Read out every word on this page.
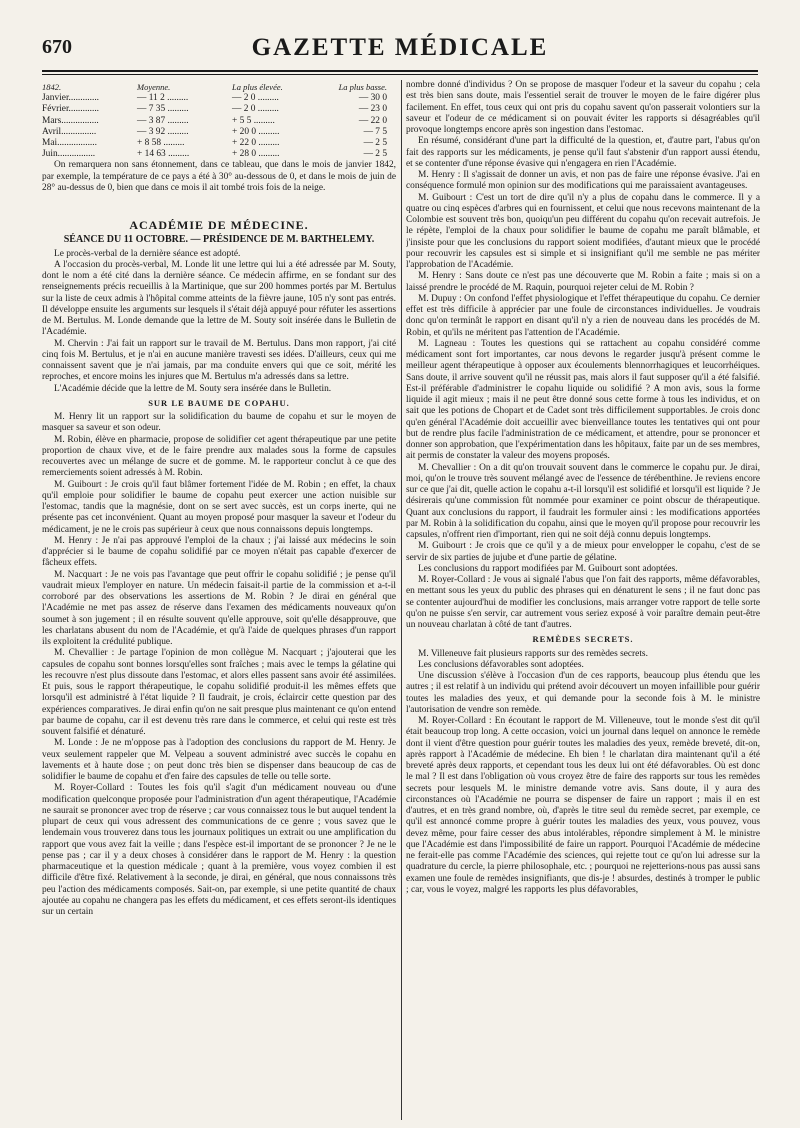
670	GAZETTE MÉDICALE
1842.	Moyenne.	La plus élevée.	La plus basse.
Janvier.............	— 11 2 .........	— 2 0 .........	— 30 0
Février.............	— 7 35 .........	— 2 0 .........	— 23 0
Mars................	— 3 87 .........	+ 5 5 .........	— 22 0
Avril...............	— 3 92 .........	+ 20 0 .........	— 7 5
Mai.................	+ 8 58 .........	+ 22 0 .........	— 2 5
Juin................	+ 14 63 .........	+ 28 0 .........	— 2 5

On remarquera non sans étonnement, dans ce tableau, que dans le mois de janvier 1842, par exemple, la température de ce pays a été à 30° au-dessous de 0, et dans le mois de juin de 28° au-dessus de 0, bien que dans ce mois il ait tombé trois fois de la neige.

ACADÉMIE DE MÉDECINE.
SÉANCE DU 11 OCTOBRE. — PRÉSIDENCE DE M. BARTHELEMY.

Le procès-verbal de la dernière séance est adopté.

A l'occasion du procès-verbal, M. Londe lit une lettre qui lui a été adressée par M. Souty, dont le nom a été cité dans la dernière séance. Ce médecin affirme, en se fondant sur des renseignements précis recueillis à la Martinique, que sur 200 hommes portés par M. Bertulus sur la liste de ceux admis à l'hôpital comme atteints de la fièvre jaune, 105 n'y sont pas entrés. Il développe ensuite les arguments sur lesquels il s'était déjà appuyé pour réfuter les assertions de M. Bertulus. M. Londe demande que la lettre de M. Souty soit insérée dans le Bulletin de l'Académie.

M. Chervin : J'ai fait un rapport sur le travail de M. Bertulus. Dans mon rapport, j'ai cité cinq fois M. Bertulus, et je n'ai en aucune manière travesti ses idées. D'ailleurs, ceux qui me connaissent savent que je n'ai jamais, par ma conduite envers qui que ce soit, mérité les reproches, et encore moins les injures que M. Bertulus m'a adressés dans sa lettre.

L'Académie décide que la lettre de M. Souty sera insérée dans le Bulletin.

SUR LE BAUME DE COPAHU.

M. Henry lit un rapport sur la solidification du baume de copahu et sur le moyen de masquer sa saveur et son odeur.

M. Robin, élève en pharmacie, propose de solidifier cet agent thérapeutique par une petite proportion de chaux vive, et de le faire prendre aux malades sous la forme de capsules recouvertes avec un mélange de sucre et de gomme. M. le rapporteur conclut à ce que des remerciements soient adressés à M. Robin.

M. Guibourt : Je crois qu'il faut blâmer fortement l'idée de M. Robin ; en effet, la chaux qu'il emploie pour solidifier le baume de copahu peut exercer une action nuisible sur l'estomac, tandis que la magnésie, dont on se sert avec succès, est un corps inerte, qui ne présente pas cet inconvénient. Quant au moyen proposé pour masquer la saveur et l'odeur du médicament, je ne le crois pas supérieur à ceux que nous connaissons depuis longtemps.

M. Henry : Je n'ai pas approuvé l'emploi de la chaux ; j'ai laissé aux médecins le soin d'apprécier si le baume de copahu solidifié par ce moyen n'était pas capable d'exercer de fâcheux effets.

M. Nacquart : Je ne vois pas l'avantage que peut offrir le copahu solidifié ; je pense qu'il vaudrait mieux l'employer en nature. Un médecin faisait-il partie de la commission et a-t-il corroboré par des observations les assertions de M. Robin ? Je dirai en général que l'Académie ne met pas assez de réserve dans l'examen des médicaments nouveaux qu'on soumet à son jugement ; il en résulte souvent qu'elle approuve, soit qu'elle désapprouve, que les charlatans abusent du nom de l'Académie, et qu'à l'aide de quelques phrases d'un rapport ils exploitent la crédulité publique.

M. Chevallier : Je partage l'opinion de mon collègue M. Nacquart ; j'ajouterai que les capsules de copahu sont bonnes lorsqu'elles sont fraîches ; mais avec le temps la gélatine qui les recouvre n'est plus dissoute dans l'estomac, et alors elles passent sans avoir été assimilées. Et puis, sous le rapport thérapeutique, le copahu solidifié produit-il les mêmes effets que lorsqu'il est administré à l'état liquide ? Il faudrait, je crois, éclaircir cette question par des expériences comparatives. Je dirai enfin qu'on ne sait presque plus maintenant ce qu'on entend par baume de copahu, car il est devenu très rare dans le commerce, et celui qui reste est très souvent falsifié et dénaturé.

M. Londe : Je ne m'oppose pas à l'adoption des conclusions du rapport de M. Henry. Je veux seulement rappeler que M. Velpeau a souvent administré avec succès le copahu en lavements et à haute dose ; on peut donc très bien se dispenser dans beaucoup de cas de solidifier le baume de copahu et d'en faire des capsules de telle ou telle sorte.

M. Royer-Collard : Toutes les fois qu'il s'agit d'un médicament nouveau ou d'une modification quelconque proposée pour l'administration d'un agent thérapeutique, l'Académie ne saurait se prononcer avec trop de réserve ; car vous connaissez tous le but auquel tendent la plupart de ceux qui vous adressent des communications de ce genre ; vous savez que le lendemain vous trouverez dans tous les journaux politiques un extrait ou une amplification du rapport que vous avez fait la veille ; dans l'espèce est-il important de se prononcer ? Je ne le pense pas ; car il y a deux choses à considérer dans le rapport de M. Henry : la question pharmaceutique et la question médicale ; quant à la première, vous voyez combien il est difficile d'être fixé. Relativement à la seconde, je dirai, en général, que nous connaissons très peu l'action des médicaments composés. Sait-on, par exemple, si une petite quantité de chaux ajoutée au copahu ne changera pas les effets du médicament, et ces effets seront-ils identiques sur un certain

nombre donné d'individus ? On se propose de masquer l'odeur et la saveur du copahu ; cela est très bien sans doute, mais l'essentiel serait de trouver le moyen de le faire digérer plus facilement. En effet, tous ceux qui ont pris du copahu savent qu'on passerait volontiers sur la saveur et l'odeur de ce médicament si on pouvait éviter les rapports si désagréables qu'il provoque longtemps encore après son ingestion dans l'estomac.

En résumé, considérant d'une part la difficulté de la question, et, d'autre part, l'abus qu'on fait des rapports sur les médicaments, je pense qu'il faut s'abstenir d'un rapport aussi étendu, et se contenter d'une réponse évasive qui n'engagera en rien l'Académie.

M. Henry : Il s'agissait de donner un avis, et non pas de faire une réponse évasive. J'ai en conséquence formulé mon opinion sur des modifications qui me paraissaient avantageuses.

M. Guibourt : C'est un tort de dire qu'il n'y a plus de copahu dans le commerce. Il y a quatre ou cinq espèces d'arbres qui en fournissent, et celui que nous recevons maintenant de la Colombie est souvent très bon, quoiqu'un peu différent du copahu qu'on recevait autrefois. Je le répète, l'emploi de la chaux pour solidifier le baume de copahu me paraît blâmable, et j'insiste pour que les conclusions du rapport soient modifiées, d'autant mieux que le procédé pour recouvrir les capsules est si simple et si insignifiant qu'il me semble ne pas mériter l'approbation de l'Académie.

M. Henry : Sans doute ce n'est pas une découverte que M. Robin a faite ; mais si on a laissé prendre le procédé de M. Raquin, pourquoi rejeter celui de M. Robin ?

M. Dupuy : On confond l'effet physiologique et l'effet thérapeutique du copahu. Ce dernier effet est très difficile à apprécier par une foule de circonstances individuelles. Je voudrais donc qu'on terminât le rapport en disant qu'il n'y a rien de nouveau dans les procédés de M. Robin, et qu'ils ne méritent pas l'attention de l'Académie.

M. Lagneau : Toutes les questions qui se rattachent au copahu considéré comme médicament sont fort importantes, car nous devons le regarder jusqu'à présent comme le meilleur agent thérapeutique à opposer aux écoulements blennorrhagiques et leucorrhéiques. Sans doute, il arrive souvent qu'il ne réussit pas, mais alors il faut supposer qu'il a été falsifié. Est-il préférable d'administrer le copahu liquide ou solidifié ? A mon avis, sous la forme liquide il agit mieux ; mais il ne peut être donné sous cette forme à tous les individus, et on sait que les potions de Chopart et de Cadet sont très difficilement supportables. Je crois donc qu'en général l'Académie doit accueillir avec bienveillance toutes les tentatives qui ont pour but de rendre plus facile l'administration de ce médicament, et attendre, pour se prononcer et donner son approbation, que l'expérimentation dans les hôpitaux, faite par un de ses membres, ait permis de constater la valeur des moyens proposés.

M. Chevallier : On a dit qu'on trouvait souvent dans le commerce le copahu pur. Je dirai, moi, qu'on le trouve très souvent mélangé avec de l'essence de térébenthine. Je reviens encore sur ce que j'ai dit, quelle action le copahu a-t-il lorsqu'il est solidifié et lorsqu'il est liquide ? Je désirerais qu'une commission fût nommée pour examiner ce point obscur de thérapeutique. Quant aux conclusions du rapport, il faudrait les formuler ainsi : les modifications apportées par M. Robin à la solidification du copahu, ainsi que le moyen qu'il propose pour recouvrir les capsules, n'offrent rien d'important, rien qui ne soit déjà connu depuis longtemps.

M. Guibourt : Je crois que ce qu'il y a de mieux pour envelopper le copahu, c'est de se servir de six parties de jujube et d'une partie de gélatine.

Les conclusions du rapport modifiées par M. Guibourt sont adoptées.

M. Royer-Collard : Je vous ai signalé l'abus que l'on fait des rapports, même défavorables, en mettant sous les yeux du public des phrases qui en dénaturent le sens ; il ne faut donc pas se contenter aujourd'hui de modifier les conclusions, mais arranger votre rapport de telle sorte qu'on ne puisse s'en servir, car autrement vous seriez exposé à voir paraître demain peut-être un nouveau charlatan à côté de tant d'autres.

REMÈDES SECRETS.

M. Villeneuve fait plusieurs rapports sur des remèdes secrets.

Les conclusions défavorables sont adoptées.

Une discussion s'élève à l'occasion d'un de ces rapports, beaucoup plus étendu que les autres ; il est relatif à un individu qui prétend avoir découvert un moyen infaillible pour guérir toutes les maladies des yeux, et qui demande pour la seconde fois à M. le ministre l'autorisation de vendre son remède.

M. Royer-Collard : En écoutant le rapport de M. Villeneuve, tout le monde s'est dit qu'il était beaucoup trop long. A cette occasion, voici un journal dans lequel on annonce le remède dont il vient d'être question pour guérir toutes les maladies des yeux, remède breveté, dit-on, après rapport à l'Académie de médecine. Eh bien ! le charlatan dira maintenant qu'il a été breveté après deux rapports, et cependant tous les deux lui ont été défavorables. Où est donc le mal ? Il est dans l'obligation où vous croyez être de faire des rapports sur tous les remèdes secrets pour lesquels M. le ministre demande votre avis. Sans doute, il y aura des circonstances où l'Académie ne pourra se dispenser de faire un rapport ; mais il en est d'autres, et en très grand nombre, où, d'après le titre seul du remède secret, par exemple, ce qu'il est annoncé comme propre à guérir toutes les maladies des yeux, vous pouvez, vous devez même, pour faire cesser des abus intolérables, répondre simplement à M. le ministre que l'Académie est dans l'impossibilité de faire un rapport. Pourquoi l'Académie de médecine ne ferait-elle pas comme l'Académie des sciences, qui rejette tout ce qu'on lui adresse sur la quadrature du cercle, la pierre philosophale, etc. ; pourquoi ne rejetterions-nous pas aussi sans examen une foule de remèdes insignifiants, que dis-je ! absurdes, destinés à tromper le public ; car, vous le voyez, malgré les rapports les plus défavorables,
